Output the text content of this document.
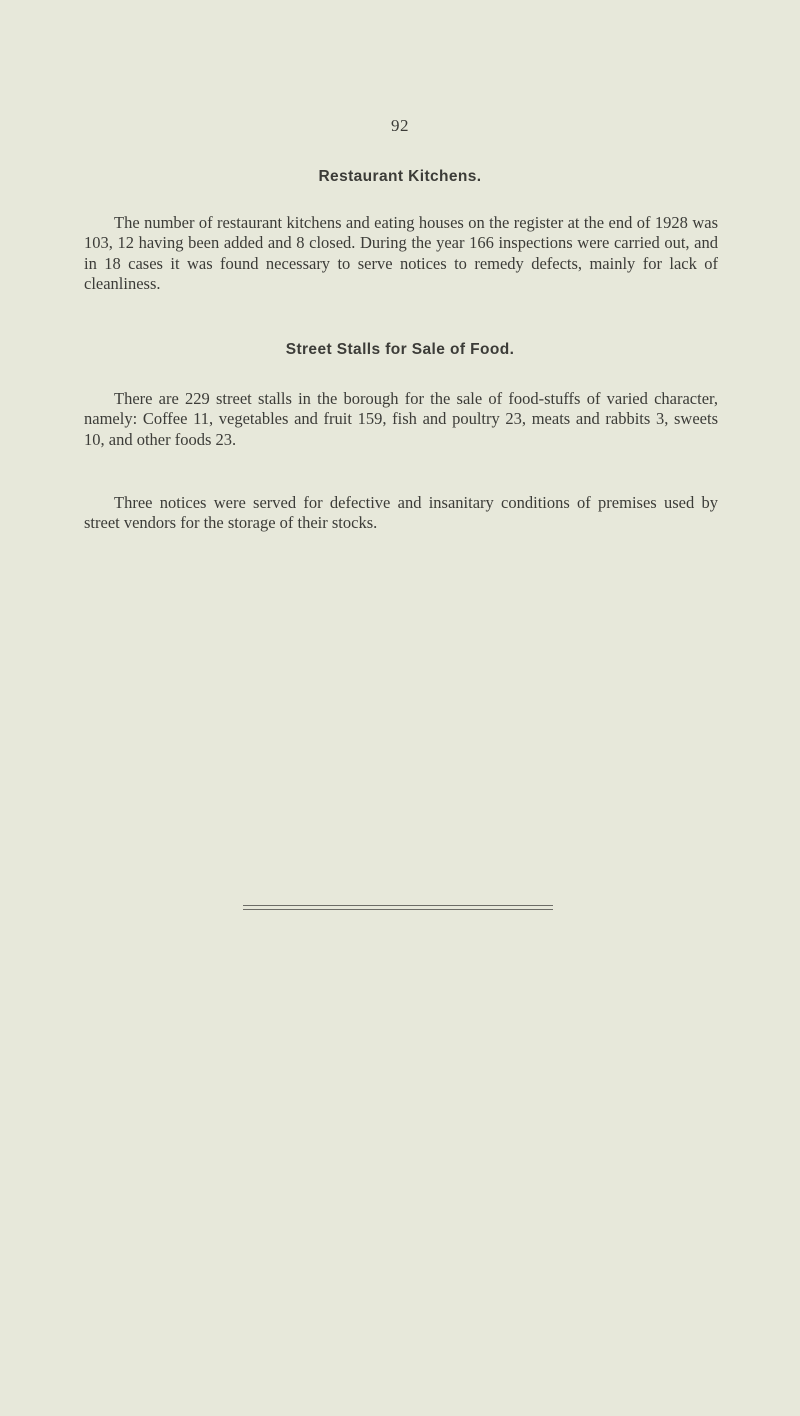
92
Restaurant Kitchens.

The number of restaurant kitchens and eating houses on the register at the end of 1928 was 103, 12 having been added and 8 closed. During the year 166 inspections were carried out, and in 18 cases it was found necessary to serve notices to remedy defects, mainly for lack of cleanliness.

Street Stalls for Sale of Food.

There are 229 street stalls in the borough for the sale of food-stuffs of varied character, namely: Coffee 11, vegetables and fruit 159, fish and poultry 23, meats and rabbits 3, sweets 10, and other foods 23.

Three notices were served for defective and insanitary conditions of premises used by street vendors for the storage of their stocks.
